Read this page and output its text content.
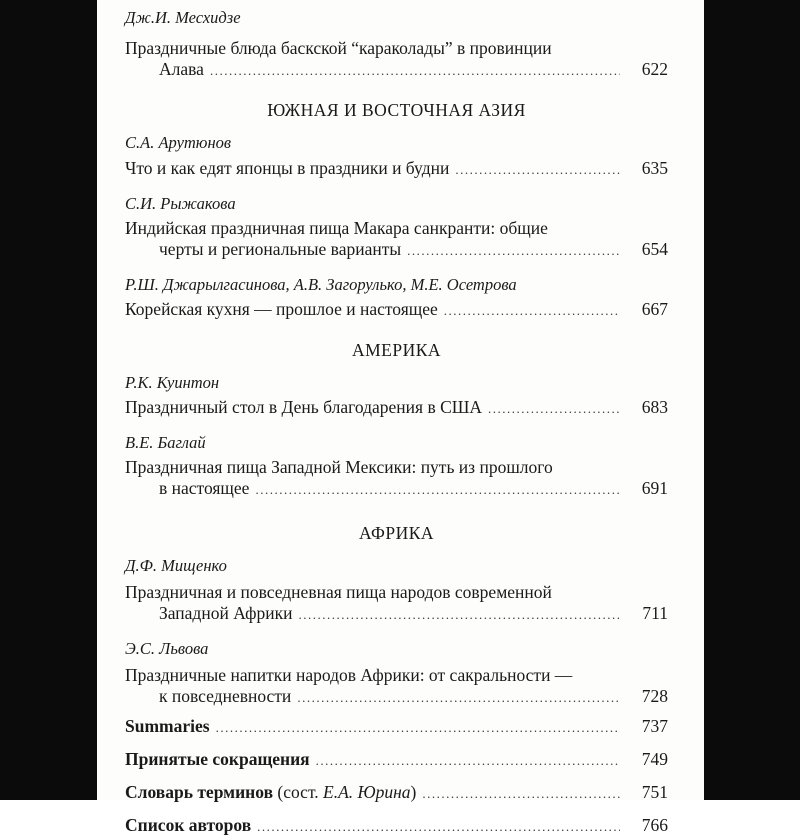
Дж.И. Месхидзе
Праздничные блюда баскской “караколады” в провинции
Алава .....	622
ЮЖНАЯ И ВОСТОЧНАЯ АЗИЯ
С.А. Арутюнов
Что и как едят японцы в праздники и будни .....	635
С.И. Рыжакова
Индийская праздничная пища Макара санкранти: общие
черты и региональные варианты .....	654
Р.Ш. Джарылгасинова, А.В. Загорулько, М.Е. Осетрова
Корейская кухня — прошлое и настоящее .....	667
АМЕРИКА
Р.К. Куинтон
Праздничный стол в День благодарения в США .....	683
В.Е. Баглай
Праздничная пища Западной Мексики: путь из прошлого
в настоящее .....	691
АФРИКА
Д.Ф. Мищенко
Праздничная и повседневная пища народов современной
Западной Африки .....	711
Э.С. Львова
Праздничные напитки народов Африки: от сакральности —
к повседневности .....	728
Summaries .....	737
Принятые сокращения .....	749
Словарь терминов (сост. Е.А. Юрина) .....	751
Список авторов .....	766
